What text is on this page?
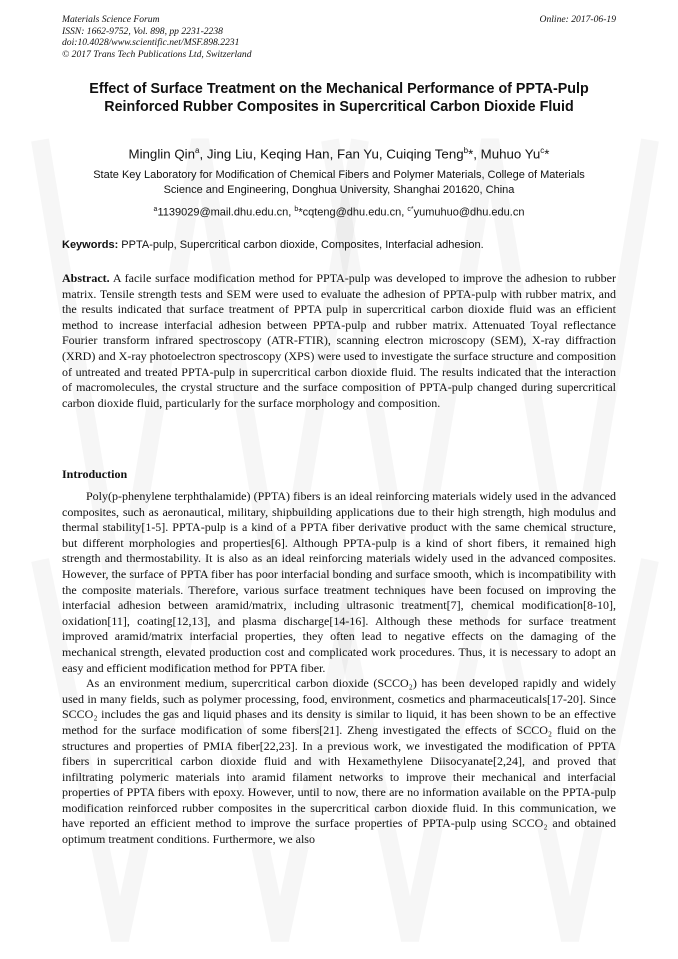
Materials Science Forum
ISSN: 1662-9752, Vol. 898, pp 2231-2238
doi:10.4028/www.scientific.net/MSF.898.2231
© 2017 Trans Tech Publications Ltd, Switzerland
Online: 2017-06-19
Effect of Surface Treatment on the Mechanical Performance of PPTA-Pulp Reinforced Rubber Composites in Supercritical Carbon Dioxide Fluid
Minglin Qin$^a$, Jing Liu, Keqing Han, Fan Yu, Cuiqing Teng$^b$*, Muhuo Yu$^c$*
State Key Laboratory for Modification of Chemical Fibers and Polymer Materials, College of Materials Science and Engineering, Donghua University, Shanghai 201620, China
$^a$1139029@mail.dhu.edu.cn, $^b$*cqteng@dhu.edu.cn, $^{c*}$yumuhuo@dhu.edu.cn
Keywords: PPTA-pulp, Supercritical carbon dioxide, Composites, Interfacial adhesion.
Abstract. A facile surface modification method for PPTA-pulp was developed to improve the adhesion to rubber matrix. Tensile strength tests and SEM were used to evaluate the adhesion of PPTA-pulp with rubber matrix, and the results indicated that surface treatment of PPTA pulp in supercritical carbon dioxide fluid was an efficient method to increase interfacial adhesion between PPTA-pulp and rubber matrix. Attenuated Toyal reflectance Fourier transform infrared spectroscopy (ATR-FTIR), scanning electron microscopy (SEM), X-ray diffraction (XRD) and X-ray photoelectron spectroscopy (XPS) were used to investigate the surface structure and composition of untreated and treated PPTA-pulp in supercritical carbon dioxide fluid. The results indicated that the interaction of macromolecules, the crystal structure and the surface composition of PPTA-pulp changed during supercritical carbon dioxide fluid, particularly for the surface morphology and composition.
Introduction

Poly(p-phenylene terphthalamide) (PPTA) fibers is an ideal reinforcing materials widely used in the advanced composites, such as aeronautical, military, shipbuilding applications due to their high strength, high modulus and thermal stability[1-5]. PPTA-pulp is a kind of a PPTA fiber derivative product with the same chemical structure, but different morphologies and properties[6]. Although PPTA-pulp is a kind of short fibers, it remained high strength and thermostability. It is also as an ideal reinforcing materials widely used in the advanced composites. However, the surface of PPTA fiber has poor interfacial bonding and surface smooth, which is incompatibility with the composite materials. Therefore, various surface treatment techniques have been focused on improving the interfacial adhesion between aramid/matrix, including ultrasonic treatment[7], chemical modification[8-10], oxidation[11], coating[12,13], and plasma discharge[14-16]. Although these methods for surface treatment improved aramid/matrix interfacial properties, they often lead to negative effects on the damaging of the mechanical strength, elevated production cost and complicated work procedures. Thus, it is necessary to adopt an easy and efficient modification method for PPTA fiber.

As an environment medium, supercritical carbon dioxide (SCCO₂) has been developed rapidly and widely used in many fields, such as polymer processing, food, environment, cosmetics and pharmaceuticals[17-20]. Since SCCO₂ includes the gas and liquid phases and its density is similar to liquid, it has been shown to be an effective method for the surface modification of some fibers[21]. Zheng investigated the effects of SCCO₂ fluid on the structures and properties of PMIA fiber[22,23]. In a previous work, we investigated the modification of PPTA fibers in supercritical carbon dioxide fluid and with Hexamethylene Diisocyanate[2,24], and proved that infiltrating polymeric materials into aramid filament networks to improve their mechanical and interfacial properties of PPTA fibers with epoxy. However, until to now, there are no information available on the PPTA-pulp modification reinforced rubber composites in the supercritical carbon dioxide fluid. In this communication, we have reported an efficient method to improve the surface properties of PPTA-pulp using SCCO₂ and obtained optimum treatment conditions. Furthermore, we also
